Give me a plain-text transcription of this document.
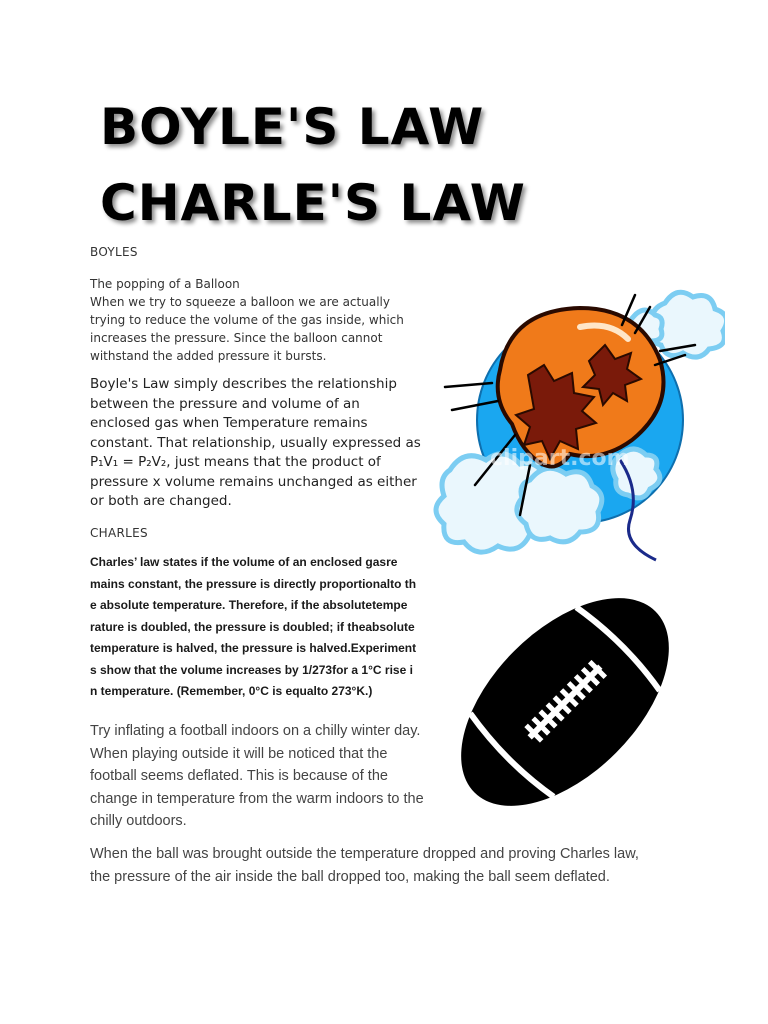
BOYLE'S LAW
CHARLE'S LAW
BOYLES
The popping of a Balloon
When we try to squeeze a balloon we are actually
trying to reduce the volume of the gas inside, which
increases the pressure. Since the balloon cannot
withstand the added pressure it bursts.
Boyle's Law simply describes the relationship
between the pressure and volume of an
enclosed gas when Temperature remains
constant. That relationship, usually expressed as
P₁V₁ = P₂V₂, just means that the product of
pressure x volume remains unchanged as either
or both are changed.
CHARLES
Charles’ law states if the volume of an enclosed gasre
mains constant, the pressure is directly proportionalto th
e absolute temperature. Therefore, if the absolutetempe
rature is doubled, the pressure is doubled; if theabsolute
temperature is halved, the pressure is halved.Experiment
s show that the volume increases by 1/273for a 1°C rise i
n temperature. (Remember, 0°C is equalto 273°K.)
Try inflating a football indoors on a chilly winter day.
When playing outside it will be noticed that the
football seems deflated. This is because of the
change in temperature from the warm indoors to the
chilly outdoors.
When the ball was brought outside the temperature dropped and proving Charles law,
the pressure of the air inside the ball dropped too, making the ball seem deflated.
clipart.com
